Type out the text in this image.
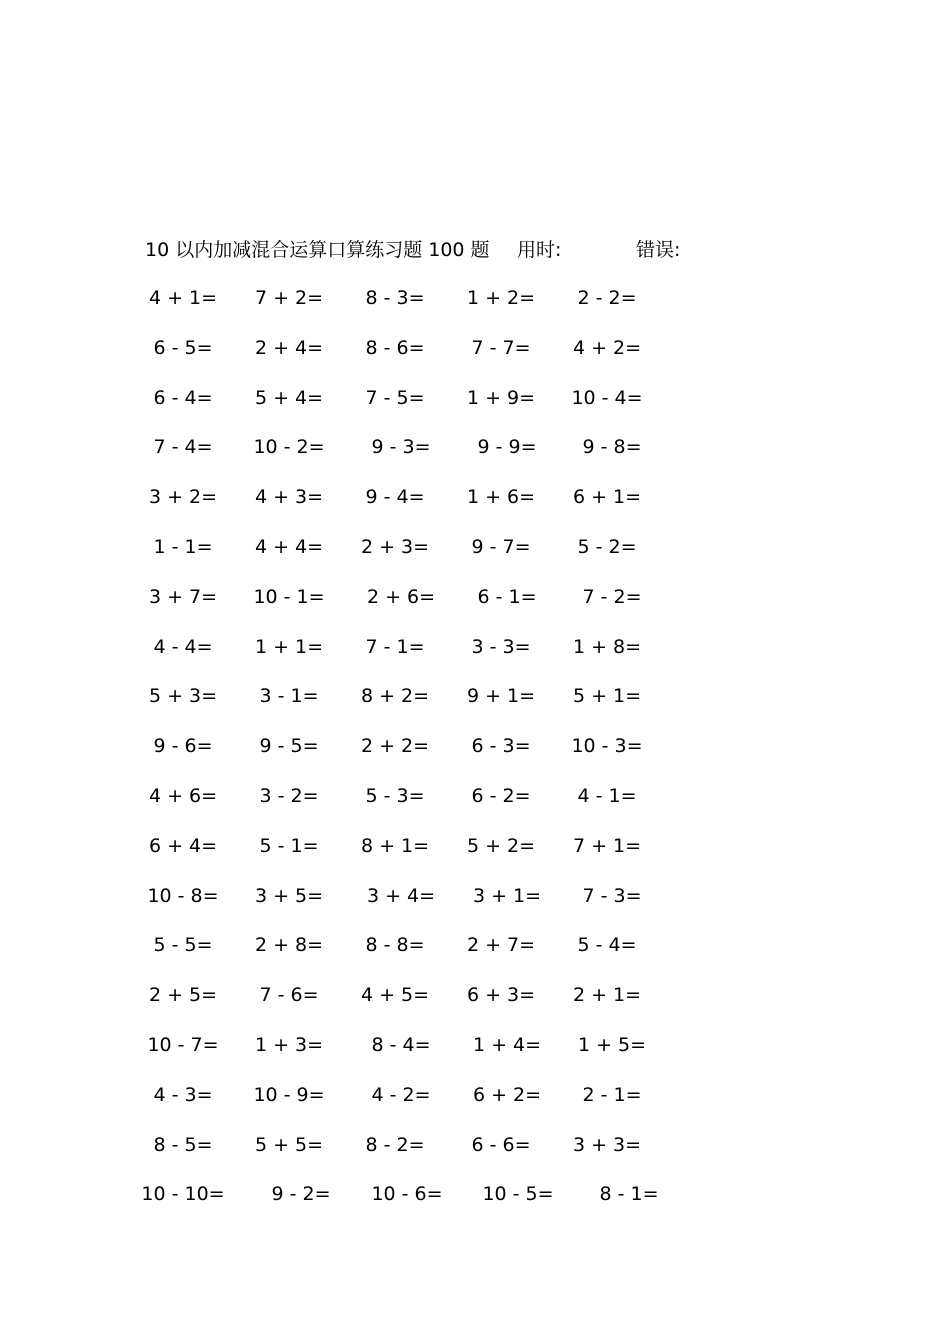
10 以内加减混合运算口算练习题 100 题 用时:	错误:
4 + 1=	7 + 2=	8 - 3=	1 + 2=	2 - 2=
6 - 5=	2 + 4=	8 - 6=	7 - 7=	4 + 2=
6 - 4=	5 + 4=	7 - 5=	1 + 9=	10 - 4=
7 - 4=	10 - 2=	9 - 3=	9 - 9=	9 - 8=
3 + 2=	4 + 3=	9 - 4=	1 + 6=	6 + 1=
1 - 1=	4 + 4=	2 + 3=	9 - 7=	5 - 2=
3 + 7=	10 - 1=	2 + 6=	6 - 1=	7 - 2=
4 - 4=	1 + 1=	7 - 1=	3 - 3=	1 + 8=
5 + 3=	3 - 1=	8 + 2=	9 + 1=	5 + 1=
9 - 6=	9 - 5=	2 + 2=	6 - 3=	10 - 3=
4 + 6=	3 - 2=	5 - 3=	6 - 2=	4 - 1=
6 + 4=	5 - 1=	8 + 1=	5 + 2=	7 + 1=
10 - 8=	3 + 5=	3 + 4=	3 + 1=	7 - 3=
5 - 5=	2 + 8=	8 - 8=	2 + 7=	5 - 4=
2 + 5=	7 - 6=	4 + 5=	6 + 3=	2 + 1=
10 - 7=	1 + 3=	8 - 4=	1 + 4=	1 + 5=
4 - 3=	10 - 9=	4 - 2=	6 + 2=	2 - 1=
8 - 5=	5 + 5=	8 - 2=	6 - 6=	3 + 3=
10 - 10=	9 - 2=	10 - 6=	10 - 5=	8 - 1=
